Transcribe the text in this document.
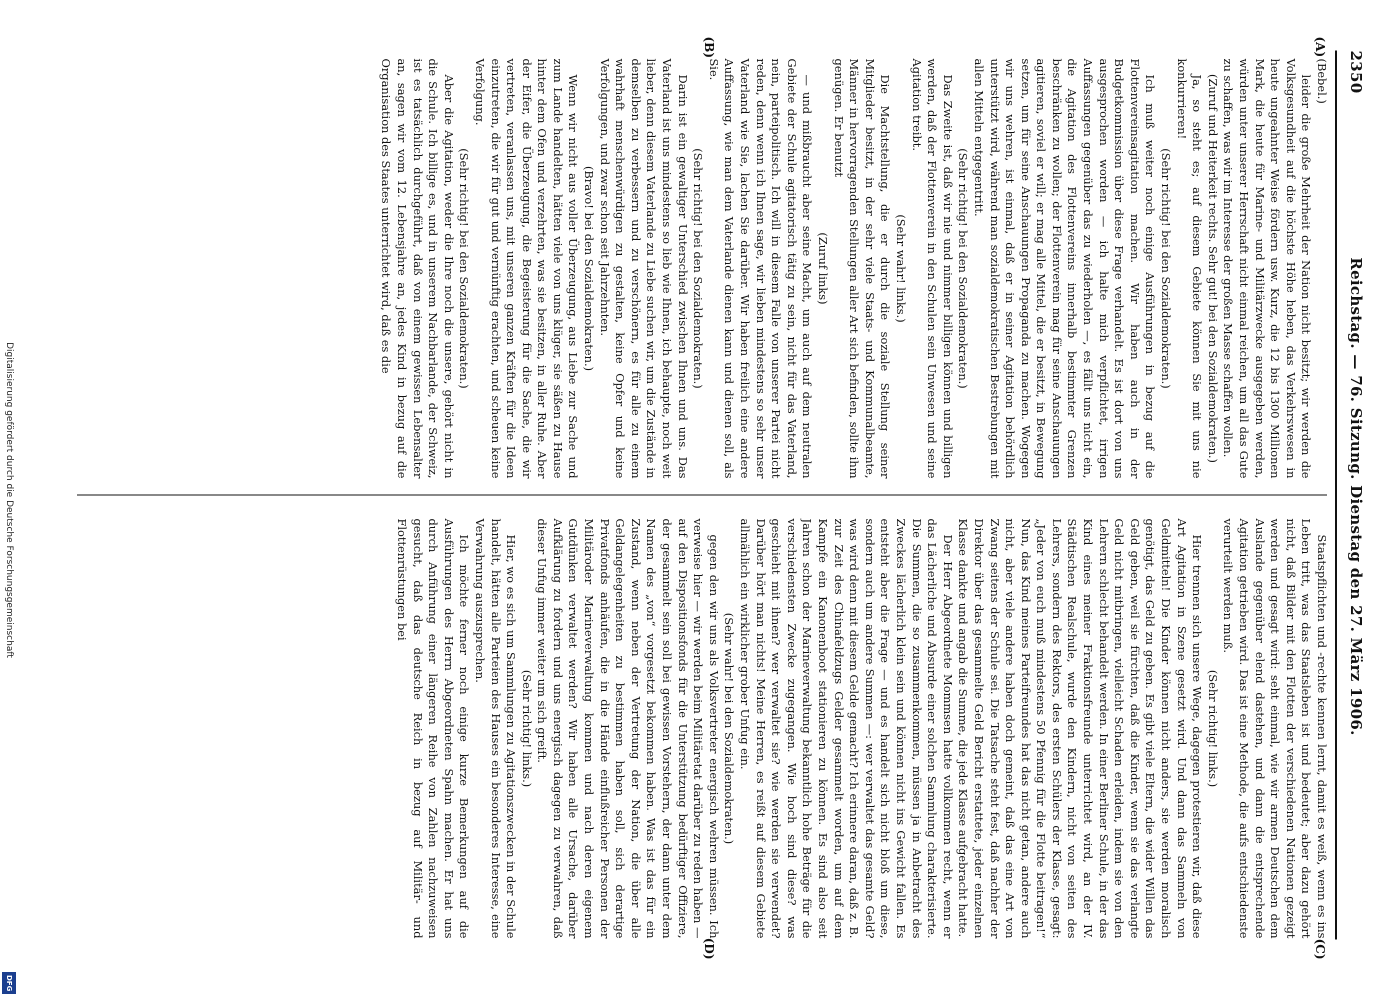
Digitalisierung gefördert durch die Deutsche Forschungsgemeinschaft
DFG
2350
Reichstag. — 76. Sitzung. Dienstag den 27. März 1906.
(A)
(B)
(C)
(D)

(Bebel.)

leider die große Mehrheit der Nation nicht besitzt; wir werden die Volksgesundheit auf die höchste Höhe heben, das Verkehrswesen in heute ungeahnter Weise fördern usw. Kurz, die 12 bis 1300 Millionen Mark, die heute für Marine- und Militärzwecke ausgegeben werden, würden unter unserer Herrschaft nicht einmal reichen, um all das Gute zu schaffen, was wir im Interesse der großen Masse schaffen wollen.

(Zuruf und Heiterkeit rechts. Sehr gut! bei den Sozialdemokraten.)

Ja, so steht es; auf diesem Gebiete können Sie mit uns nie konkurrieren!

(Sehr richtig! bei den Sozialdemokraten.)

Ich muß weiter noch einige Ausführungen in bezug auf die Flottenvereinsagitation machen. Wir haben auch in der Budgetkommission über diese Frage verhandelt. Es ist dort von uns ausgesprochen worden — ich halte mich verpflichtet, irrigen Auffassungen gegenüber das zu wiederholen —, es fällt uns nicht ein, die Agitation des Flottenvereins innerhalb bestimmter Grenzen beschränken zu wollen; der Flottenverein mag für seine Anschauungen agitieren, soviel er will; er mag alle Mittel, die er besitzt, in Bewegung setzen, um für seine Anschauungen Propaganda zu machen. Wogegen wir uns wehren, ist einmal, daß er in seiner Agitation behördlich unterstützt wird, während man sozialdemokratischen Bestrebungen mit allen Mitteln entgegentritt.

(Sehr richtig! bei den Sozialdemokraten.)

Das Zweite ist, daß wir nie und nimmer billigen können und billigen werden, daß der Flottenverein in den Schulen sein Unwesen und seine Agitation treibt.

(Sehr wahr! links.)

Die Machtstellung, die er durch die soziale Stellung seiner Mitglieder besitzt, in der sehr viele Staats- und Kommunalbeamte, Männer in hervorragenden Stellungen aller Art sich befinden, sollte ihm genügen. Er benutzt

(Zuruf links)

— und mißbraucht aber seine Macht, um auch auf dem neutralen Gebiete der Schule agitatorisch tätig zu sein, nicht für das Vaterland, nein, parteipolitisch. Ich will in diesem Falle von unserer Partei nicht reden, denn wenn ich Ihnen sage, wir lieben mindestens so sehr unser Vaterland wie Sie, lachen Sie darüber. Wir haben freilich eine andere Auffassung, wie man dem Vaterlande dienen kann und dienen soll, als Sie.

(Sehr richtig! bei den Sozialdemokraten.)

Darin ist ein gewaltiger Unterschied zwischen Ihnen und uns. Das Vaterland ist uns mindestens so lieb wie Ihnen, ich behaupte, noch weit lieber, denn diesem Vaterlande zu Liebe suchen wir, um die Zustände in demselben zu verbessern und zu verschönern, es für alle zu einem wahrhaft menschenwürdigen zu gestalten, keine Opfer und keine Verfolgungen, und zwar schon seit Jahrzehnten.

(Bravo! bei den Sozialdemokraten.)

Wenn wir nicht aus voller Überzeugung, aus Liebe zur Sache und zum Lande handelten, hätten viele von uns klüger, sie säßen zu Hause hinter dem Ofen und verzehrten, was sie besitzen, in aller Ruhe. Aber der Eifer, die Überzeugung, die Begeisterung für die Sache, die wir vertreten, veranlassen uns, mit unseren ganzen Kräften für die Ideen einzutreten, die wir für gut und vernünftig erachten, und scheuen keine Verfolgung.

(Sehr richtig! bei den Sozialdemokraten.)

Aber die Agitation, weder die Ihre noch die unsere, gehört nicht in die Schule. Ich billige es, und in unserem Nachbarlande, der Schweiz, ist es tatsächlich durchgeführt, daß von einem gewissen Lebensalter an, sagen wir vom 12. Lebensjahre an, jedes Kind in bezug auf die Organisation des Staates unterrichtet wird, daß es die

Staatspflichten und -rechte kennen lernt, damit es weiß, wenn es ins Leben tritt, was das Staatsleben ist und bedeutet; aber dazu gehört nicht, daß Bilder mit den Flotten der verschiedenen Nationen gezeigt werden und gesagt wird: seht einmal, wie wir armen Deutschen dem Auslande gegenüber elend dastehen, und dann die entsprechende Agitation getrieben wird. Das ist eine Methode, die aufs entschiedenste verurteilt werden muß.

(Sehr richtig! links.)

Hier trennen sich unsere Wege, dagegen protestieren wir, daß diese Art Agitation in Szene gesetzt wird. Und dann das Sammeln von Geldmitteln! Die Kinder können nicht anders, sie werden moralisch genötigt, das Geld zu geben. Es gibt viele Eltern, die wider Willen das Geld geben, weil sie fürchten, daß die Kinder, wenn sie das verlangte Geld nicht mitbringen, vielleicht Schaden erleiden, indem sie von den Lehrern schlecht behandelt werden. In einer Berliner Schule, in der das Kind eines meiner Fraktionsfreunde unterrichtet wird, an der IV. Städtischen Realschule, wurde den Kindern, nicht von seiten des Lehrers, sondern des Rektors, des ersten Schülers der Klasse, gesagt: „Jeder von euch muß mindestens 50 Pfennig für die Flotte beitragen!“ Nun, das Kind meines Parteifreundes hat das nicht getan, andere auch nicht, aber viele andere haben doch gemeint, daß das eine Art von Zwang seitens der Schule sei. Die Tatsache steht fest, daß nachher der Direktor über das gesammelte Geld Bericht erstattete, jeder einzelnen Klasse dankte und angab die Summe, die jede Klasse aufgebracht hatte.

Der Herr Abgeordnete Mommsen hatte vollkommen recht, wenn er das Lächerliche und Absurde einer solchen Sammlung charakterisierte. Die Summen, die so zusammenkommen, müssen ja in Anbetracht des Zweckes lächerlich klein sein und können nicht ins Gewicht fallen. Es entsteht aber die Frage — und es handelt sich nicht bloß um diese, sondern auch um andere Summen —: wer verwaltet das gesamte Geld? was wird denn mit diesem Gelde gemacht? Ich erinnere daran, daß z. B. zur Zeit des Chinafeldzugs Gelder gesammelt worden, um auf dem Kampfe ein Kanonenboot stationieren zu können. Es sind also seit Jahren schon der Marineverwaltung bekanntlich hohe Beträge für die verschiedensten Zwecke zugegangen. Wie hoch sind diese? was geschieht mit ihnen? wer verwaltet sie? wie werden sie verwendet? Darüber hört man nichts! Meine Herren, es reißt auf diesem Gebiete allmählich ein wirklicher grober Unfug ein.

(Sehr wahr! bei den Sozialdemokraten.)

gegen den wir uns als Volksvertreter energisch wehren müssen. Ich verweise hier — wir werden beim Militäretat darüber zu reden haben — auf den Dispositionsfonds für die Unterstützung bedürftiger Offiziere, der gesammelt sein soll bei gewissen Vorstehern, der dann unter dem Namen des „von“ vorgesetzt bekommen haben. Was ist das für ein Zustand, wenn neben der Vertretung der Nation, die über alle Geldangelegenheiten zu bestimmen haben soll, sich derartige Privatfonds anhäufen, die in die Hände einflußreicher Personen der Militäroder Marineverwaltung kommen und nach deren eigenem Gutdünken verwaltet werden? Wir haben alle Ursache, darüber Aufklärung zu fordern und uns energisch dagegen zu verwahren, daß dieser Unfug immer weiter um sich greift.

(Sehr richtig! links.)

Hier, wo es sich um Sammlungen zu Agitationszwecken in der Schule handelt, hätten alle Parteien des Hauses ein besonderes Interesse, eine Verwahrung auszusprechen.

Ich möchte ferner noch einige kurze Bemerkungen auf die Ausführungen des Herrn Abgeordneten Spahn machen. Er hat uns durch Anführung einer längeren Reihe von Zahlen nachzuweisen gesucht, daß das deutsche Reich in bezug auf Militär- und Flottenrüstungen bei
